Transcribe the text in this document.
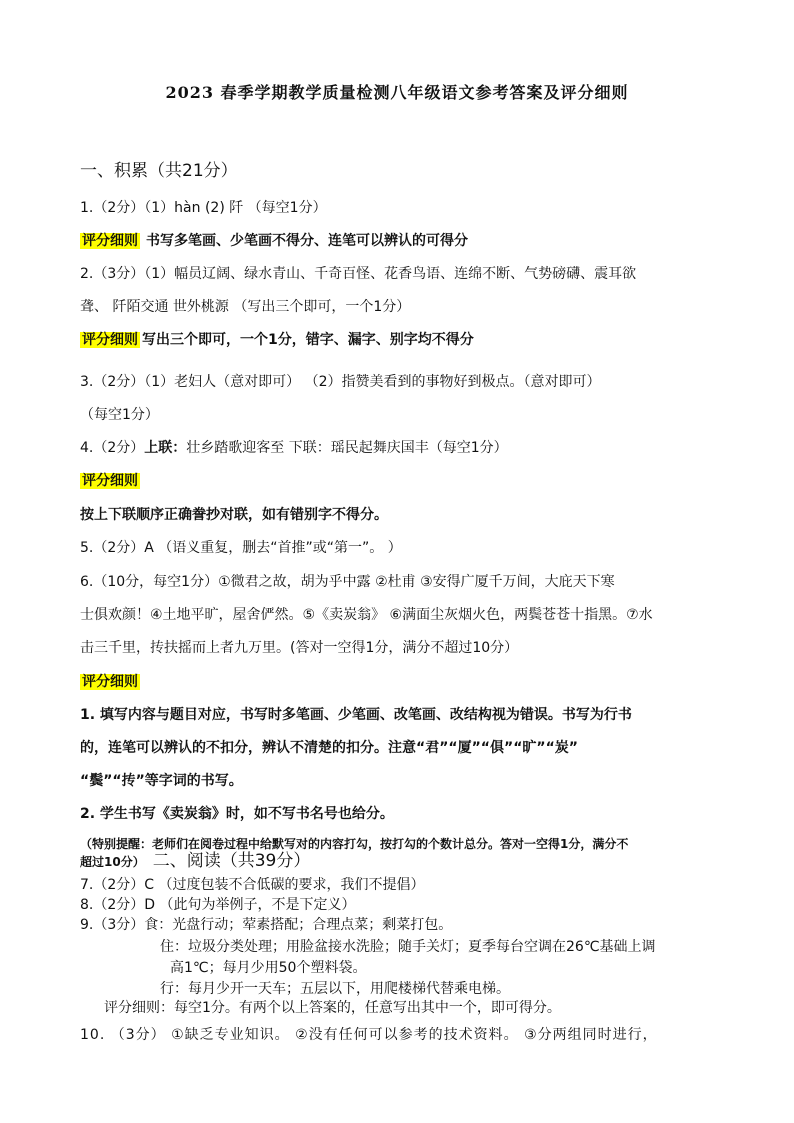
2023 春季学期教学质量检测八年级语文参考答案及评分细则
一、积累（共21分）
1.（2分）（1）hàn (2) 阡 （每空1分）
评分细则 书写多笔画、少笔画不得分、连笔可以辨认的可得分
2.（3分）（1）幅员辽阔、绿水青山、千奇百怪、花香鸟语、连绵不断、气势磅礴、震耳欲
聋、 阡陌交通 世外桃源 （写出三个即可，一个1分）
评分细则 写出三个即可，一个1分，错字、漏字、别字均不得分
3.（2分）（1）老妇人（意对即可） （2）指赞美看到的事物好到极点。（意对即可）
（每空1分）
4.（2分）上联：壮乡踏歌迎客至 下联：瑶民起舞庆国丰（每空1分）
评分细则
按上下联顺序正确誊抄对联，如有错别字不得分。
5.（2分）A （语义重复，删去“首推”或“第一”。 ）
6.（10分，每空1分）①微君之故，胡为乎中露 ②杜甫 ③安得广厦千万间，大庇天下寒
士俱欢颜！④土地平旷，屋舍俨然。⑤《卖炭翁》 ⑥满面尘灰烟火色，两鬓苍苍十指黑。⑦水
击三千里，抟扶摇而上者九万里。(答对一空得1分，满分不超过10分）
评分细则
1. 填写内容与题目对应，书写时多笔画、少笔画、改笔画、改结构视为错误。书写为行书
的，连笔可以辨认的不扣分，辨认不清楚的扣分。注意“君”“厦”“俱”“旷”“炭”
“鬓”“抟”等字词的书写。
2. 学生书写《卖炭翁》时，如不写书名号也给分。
（特别提醒：老师们在阅卷过程中给默写对的内容打勾，按打勾的个数计总分。答对一空得1分，满分不
超过10分） 二、阅读（共39分）
7.（2分）C （过度包装不合低碳的要求，我们不提倡）
8.（2分）D （此句为举例子，不是下定义）
9.（3分）食：光盘行动；荤素搭配；合理点菜；剩菜打包。
住：垃圾分类处理；用脸盆接水洗脸；随手关灯；夏季每台空调在26℃基础上调
高1℃；每月少用50个塑料袋。
行：每月少开一天车；五层以下，用爬楼梯代替乘电梯。
评分细则：每空1分。有两个以上答案的，任意写出其中一个，即可得分。
10. （3分） ①缺乏专业知识。 ②没有任何可以参考的技术资料。 ③分两组同时进行，
